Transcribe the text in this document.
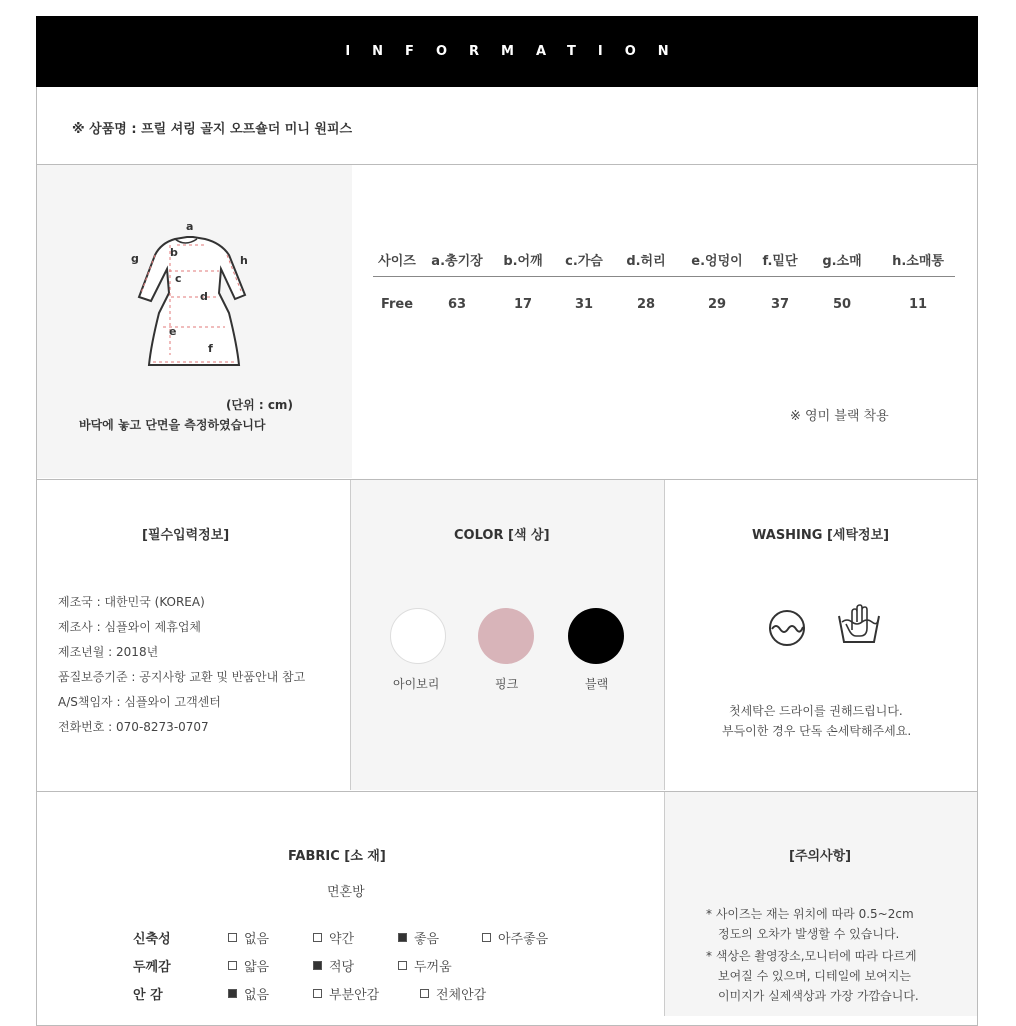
INFORMATION
※ 상품명 : 프릴 셔링 골지 오프숄더 미니 원피스
a
b
c
d
e
f
g	h
(단위 : cm)
바닥에 놓고 단면을 측정하였습니다
사이즈	a.총기장	b.어깨	c.가슴	d.허리	e.엉덩이	f.밑단	g.소매	h.소매통
Free	63	17	31	28	29	37	50	11
※ 영미 블랙 착용
[필수입력정보]
제조국 : 대한민국 (KOREA)
제조사 : 심플와이 제휴업체
제조년월 : 2018년
품질보증기준 : 공지사항 교환 및 반품안내 참고
A/S책임자 : 심플와이 고객센터
전화번호 : 070-8273-0707
COLOR [색 상]
아이보리	핑크	블랙
WASHING [세탁정보]
첫세탁은 드라이를 권해드립니다.
부득이한 경우 단독 손세탁해주세요.
FABRIC [소 재]
면혼방
신축성	없음	약간	좋음	아주좋음
두께감	얇음	적당	두꺼움
안 감	없음	부분안감	전체안감
[주의사항]
* 사이즈는 재는 위치에 따라 0.5~2cm
정도의 오차가 발생할 수 있습니다.
* 색상은 촬영장소,모니터에 따라 다르게
보여질 수 있으며, 디테일에 보여지는
이미지가 실제색상과 가장 가깝습니다.
